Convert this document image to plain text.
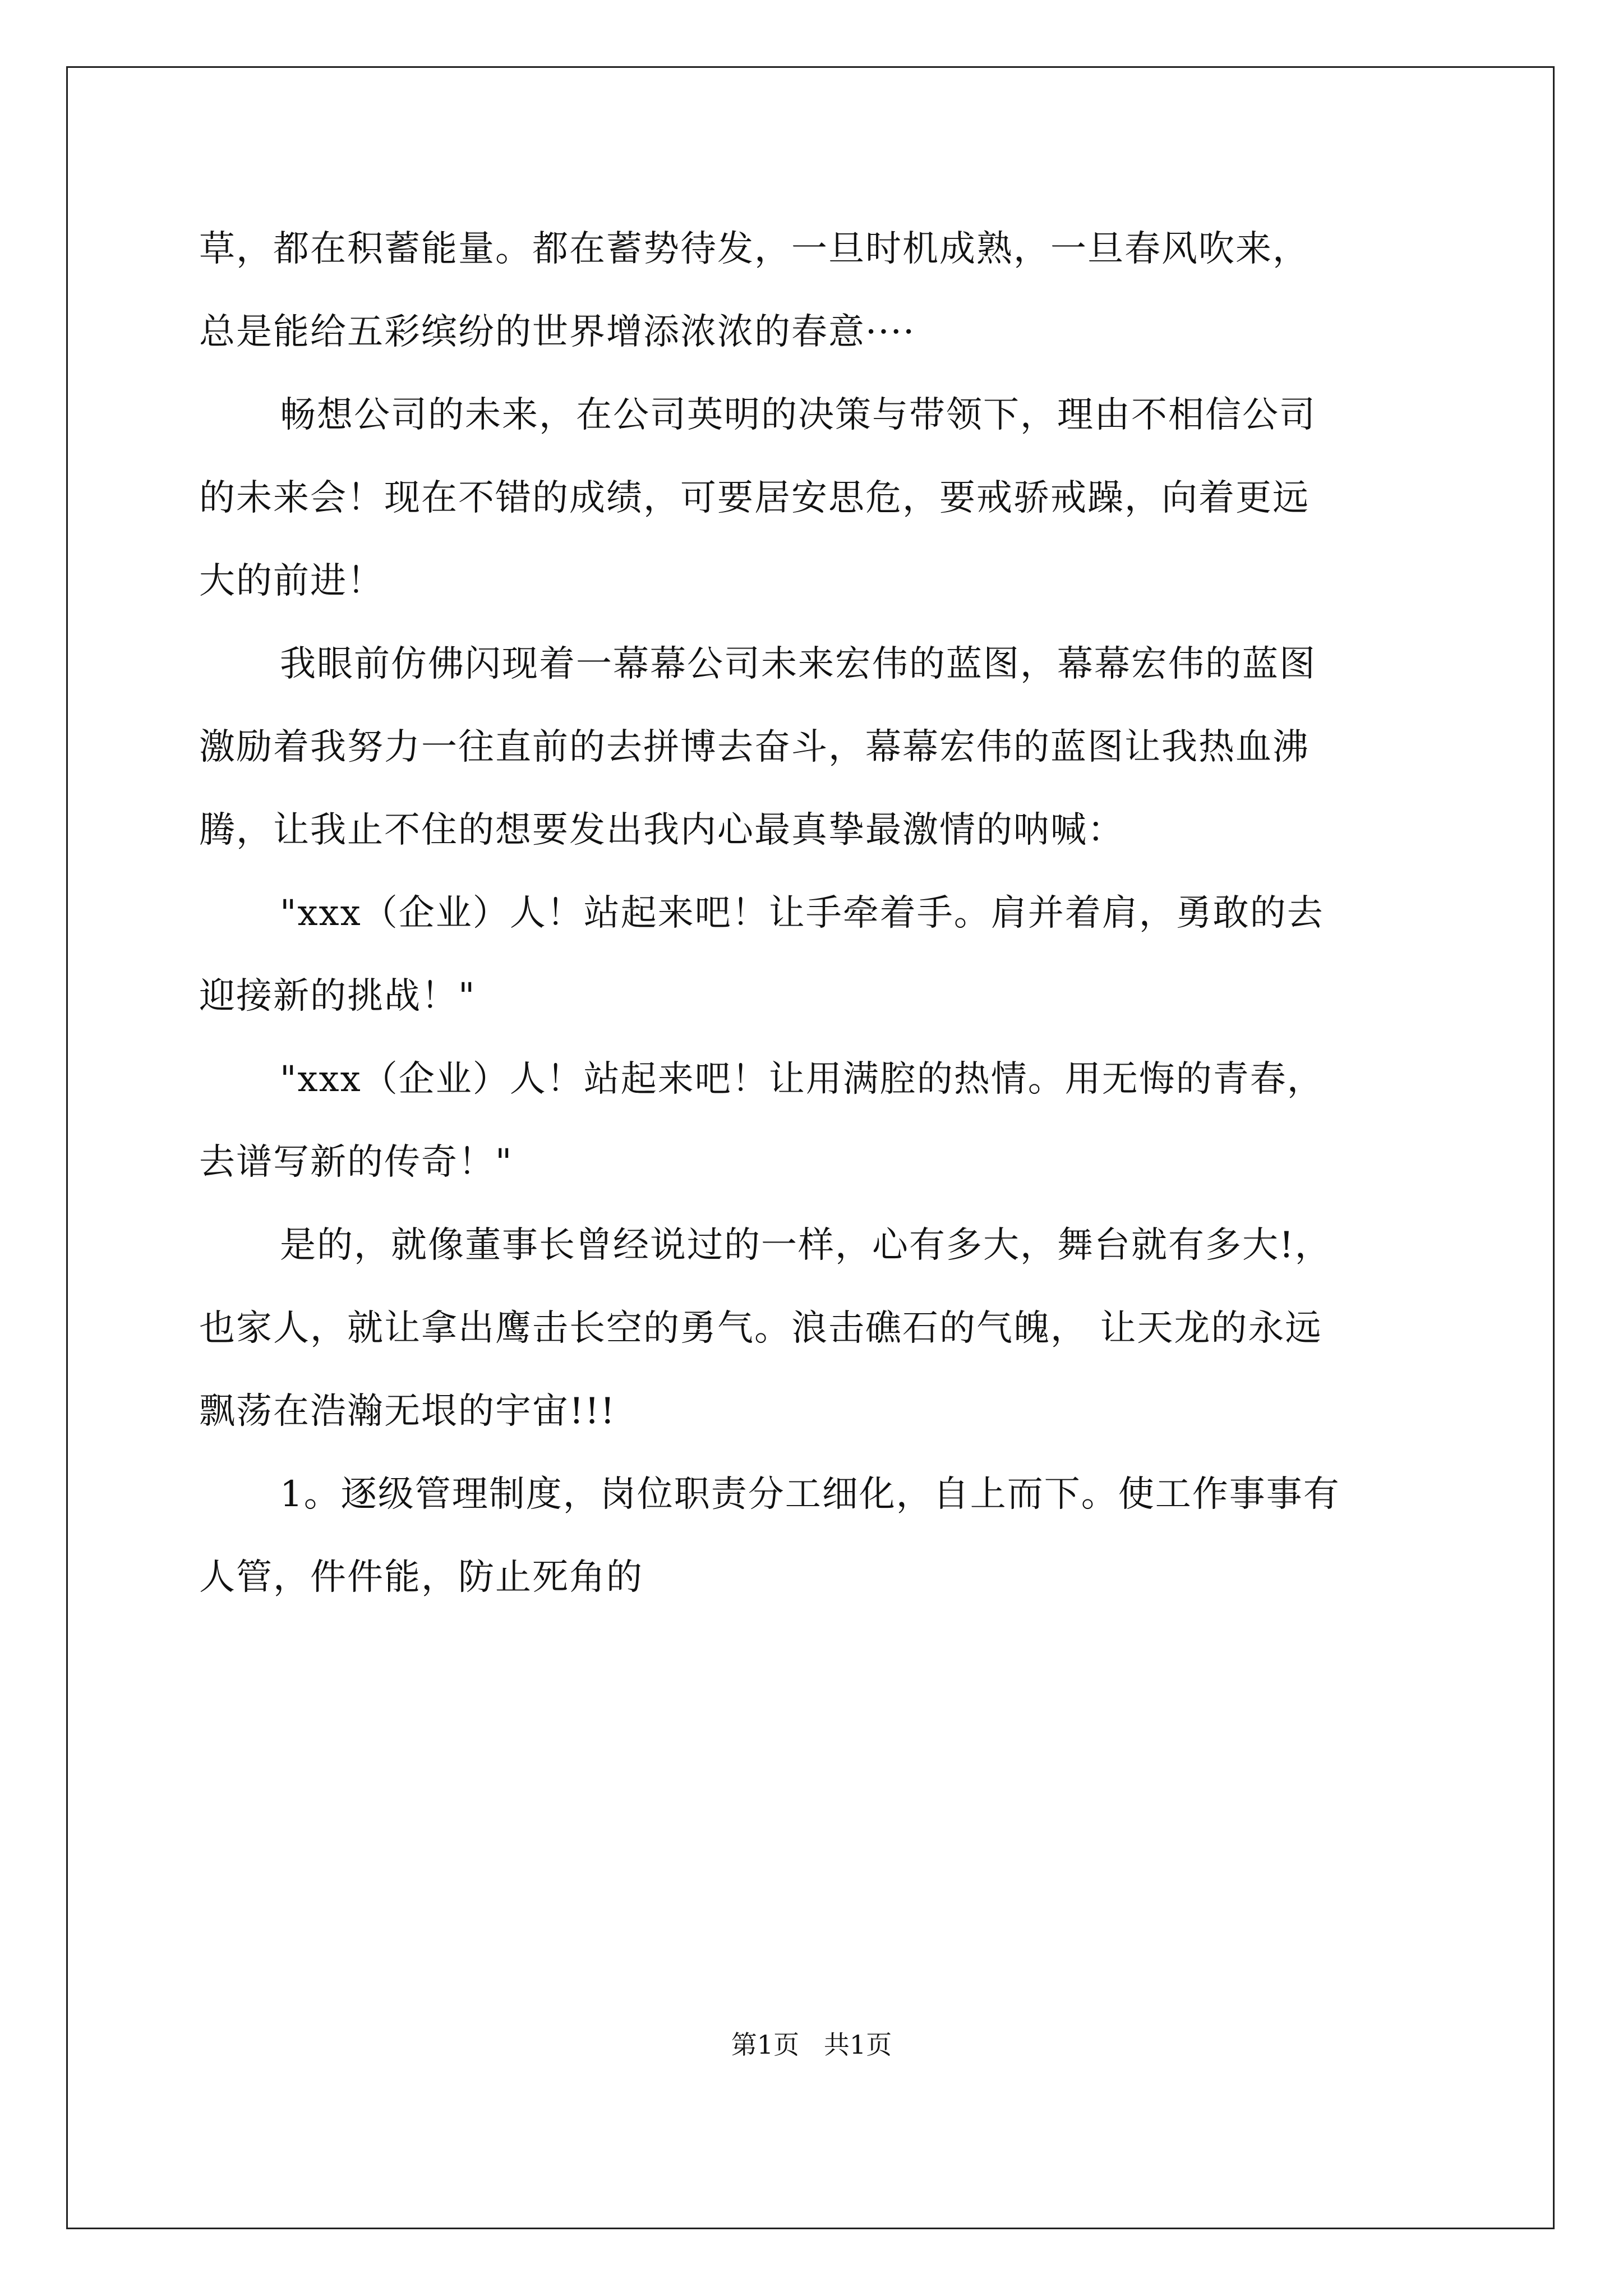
草，都在积蓄能量。都在蓄势待发，一旦时机成熟，一旦春风吹来，
总是能给五彩缤纷的世界增添浓浓的春意····
畅想公司的未来，在公司英明的决策与带领下，理由不相信公司
的未来会！现在不错的成绩，可要居安思危，要戒骄戒躁，向着更远
大的前进！
我眼前仿佛闪现着一幕幕公司未来宏伟的蓝图，幕幕宏伟的蓝图
激励着我努力一往直前的去拼博去奋斗，幕幕宏伟的蓝图让我热血沸
腾，让我止不住的想要发出我内心最真挚最激情的呐喊：
"xxx（企业）人！站起来吧！让手牵着手。肩并着肩，勇敢的去
迎接新的挑战！"
"xxx（企业）人！站起来吧！让用满腔的热情。用无悔的青春，
去谱写新的传奇！"
是的，就像董事长曾经说过的一样，心有多大，舞台就有多大!，
也家人，就让拿出鹰击长空的勇气。浪击礁石的气魄， 让天龙的永远
飘荡在浩瀚无垠的宇宙!!!
1。逐级管理制度，岗位职责分工细化，自上而下。使工作事事有
人管，件件能，防止死角的
第1页   共1页
